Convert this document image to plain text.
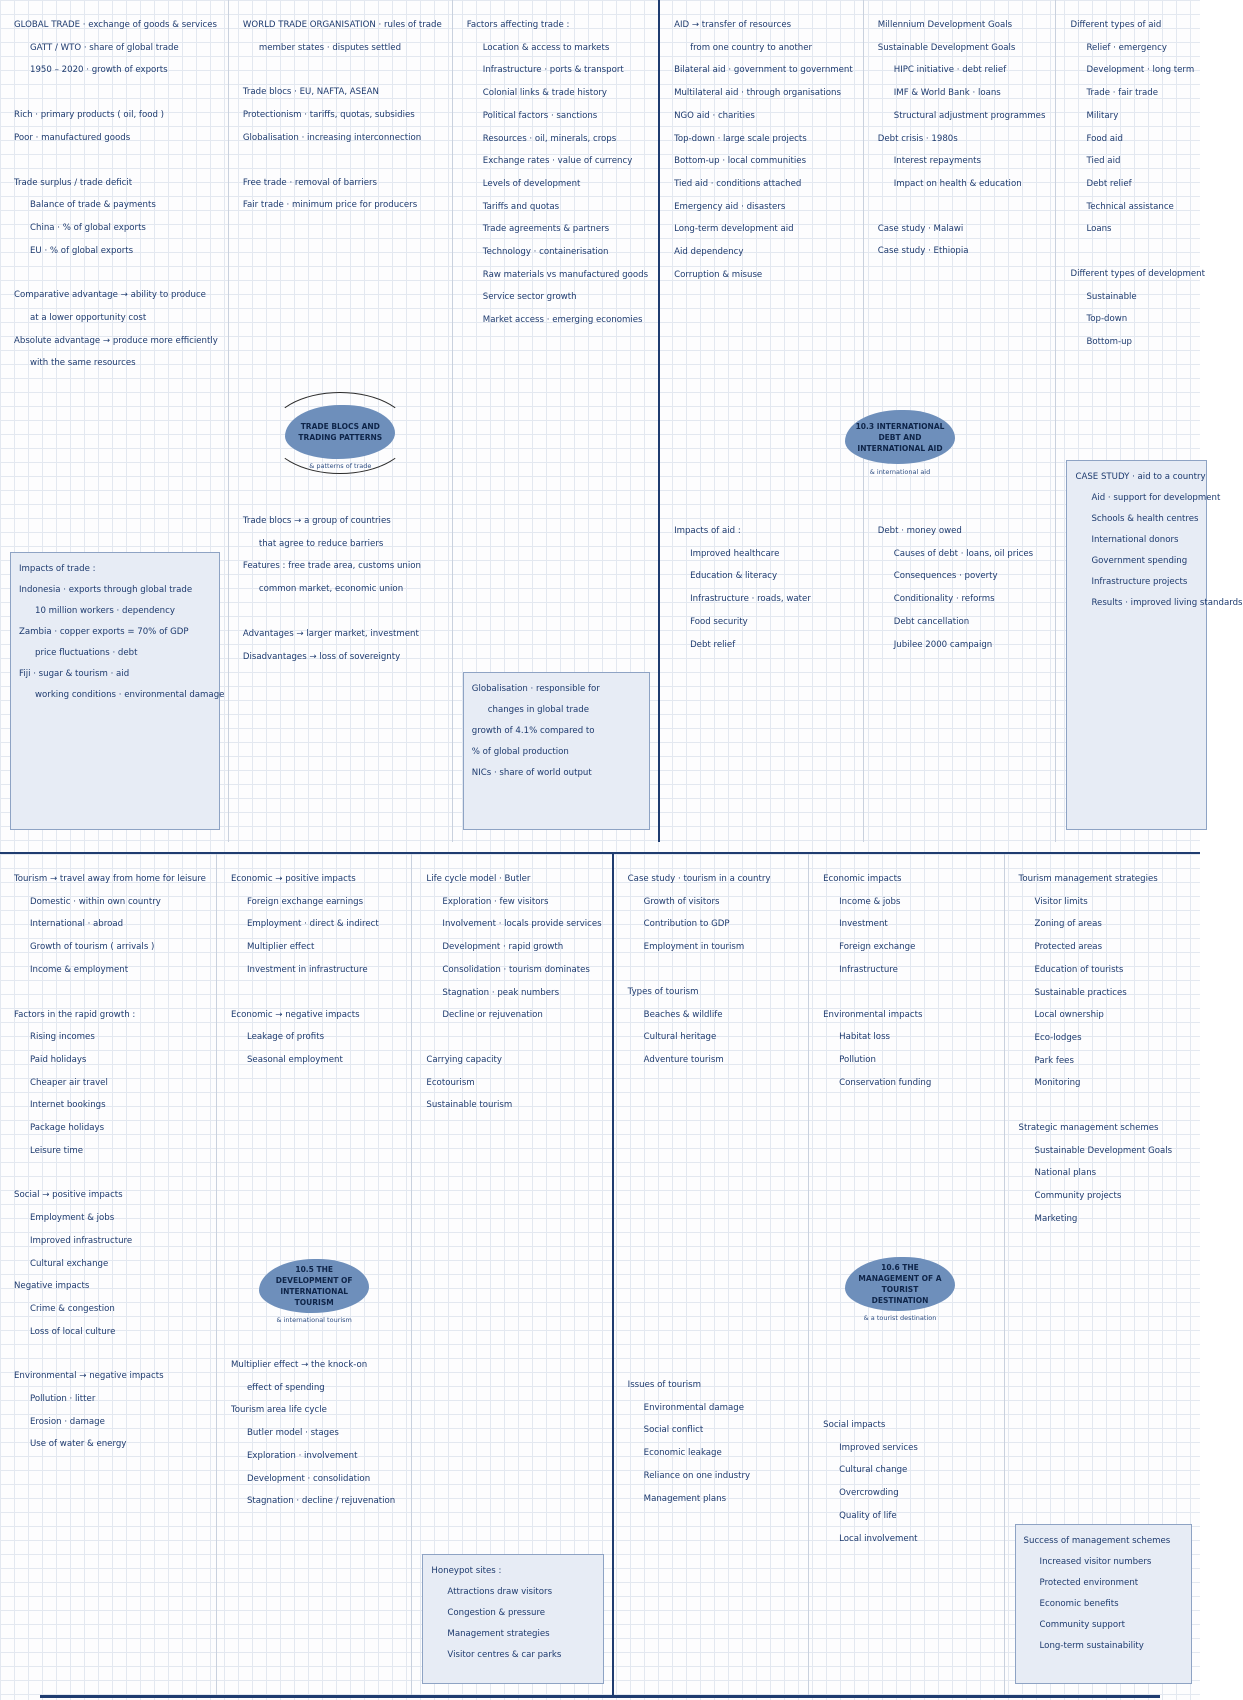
GLOBAL TRADE · exchange of goods & services

GATT / WTO · share of global trade

1950 – 2020 · growth of exports

Rich · primary products ( oil, food )

Poor · manufactured goods

Trade surplus / trade deficit

Balance of trade & payments

China · % of global exports

EU · % of global exports

Comparative advantage → ability to produce

at a lower opportunity cost

Absolute advantage → produce more efficiently

with the same resources

Impacts of trade :

Indonesia · exports through global trade

10 million workers · dependency

Zambia · copper exports = 70% of GDP

price fluctuations · debt

Fiji · sugar & tourism · aid

working conditions · environmental damage

WORLD TRADE ORGANISATION · rules of trade

member states · disputes settled

Trade blocs · EU, NAFTA, ASEAN

Protectionism · tariffs, quotas, subsidies

Globalisation · increasing interconnection

Free trade · removal of barriers

Fair trade · minimum price for producers

TRADE BLOCS AND TRADING PATTERNS
& patterns of trade

Trade blocs → a group of countries

that agree to reduce barriers

Features : free trade area, customs union

common market, economic union

Advantages → larger market, investment

Disadvantages → loss of sovereignty

Factors affecting trade :

Location & access to markets

Infrastructure · ports & transport

Colonial links & trade history

Political factors · sanctions

Resources · oil, minerals, crops

Exchange rates · value of currency

Levels of development

Tariffs and quotas

Trade agreements & partners

Technology · containerisation

Raw materials vs manufactured goods

Service sector growth

Market access · emerging economies

Globalisation · responsible for

changes in global trade

growth of 4.1% compared to

% of global production

NICs · share of world output

AID → transfer of resources

from one country to another

Bilateral aid · government to government

Multilateral aid · through organisations

NGO aid · charities

Top-down · large scale projects

Bottom-up · local communities

Tied aid · conditions attached

Emergency aid · disasters

Long-term development aid

Aid dependency

Corruption & misuse

Impacts of aid :

Improved healthcare

Education & literacy

Infrastructure · roads, water

Food security

Debt relief

Millennium Development Goals

Sustainable Development Goals

HIPC initiative · debt relief

IMF & World Bank · loans

Structural adjustment programmes

Debt crisis · 1980s

Interest repayments

Impact on health & education

Case study · Malawi

Case study · Ethiopia

Debt · money owed

Causes of debt · loans, oil prices

Consequences · poverty

Conditionality · reforms

Debt cancellation

Jubilee 2000 campaign

Different types of aid

Relief · emergency

Development · long term

Trade · fair trade

Military

Food aid

Tied aid

Debt relief

Technical assistance

Loans

Different types of development

Sustainable

Top-down

Bottom-up

CASE STUDY · aid to a country

Aid · support for development

Schools & health centres

International donors

Government spending

Infrastructure projects

Results · improved living standards

10.3 INTERNATIONAL DEBT AND INTERNATIONAL AID
& international aid

Tourism → travel away from home for leisure

Domestic · within own country

International · abroad

Growth of tourism ( arrivals )

Income & employment

Factors in the rapid growth :

Rising incomes

Paid holidays

Cheaper air travel

Internet bookings

Package holidays

Leisure time

Social → positive impacts

Employment & jobs

Improved infrastructure

Cultural exchange

Negative impacts

Crime & congestion

Loss of local culture

Environmental → negative impacts

Pollution · litter

Erosion · damage

Use of water & energy

Economic → positive impacts

Foreign exchange earnings

Employment · direct & indirect

Multiplier effect

Investment in infrastructure

Economic → negative impacts

Leakage of profits

Seasonal employment

10.5 THE DEVELOPMENT OF INTERNATIONAL TOURISM
& international tourism

Multiplier effect → the knock-on

effect of spending

Tourism area life cycle

Butler model · stages

Exploration · involvement

Development · consolidation

Stagnation · decline / rejuvenation

Life cycle model · Butler

Exploration · few visitors

Involvement · locals provide services

Development · rapid growth

Consolidation · tourism dominates

Stagnation · peak numbers

Decline or rejuvenation

Carrying capacity

Ecotourism

Sustainable tourism

Honeypot sites :

Attractions draw visitors

Congestion & pressure

Management strategies

Visitor centres & car parks

Case study · tourism in a country

Growth of visitors

Contribution to GDP

Employment in tourism

Types of tourism

Beaches & wildlife

Cultural heritage

Adventure tourism

Issues of tourism

Environmental damage

Social conflict

Economic leakage

Reliance on one industry

Management plans

Economic impacts

Income & jobs

Investment

Foreign exchange

Infrastructure

Environmental impacts

Habitat loss

Pollution

Conservation funding

Social impacts

Improved services

Cultural change

Overcrowding

Quality of life

Local involvement

Tourism management strategies

Visitor limits

Zoning of areas

Protected areas

Education of tourists

Sustainable practices

Local ownership

Eco-lodges

Park fees

Monitoring

Strategic management schemes

Sustainable Development Goals

National plans

Community projects

Marketing

Success of management schemes

Increased visitor numbers

Protected environment

Economic benefits

Community support

Long-term sustainability

10.6 THE MANAGEMENT OF A TOURIST DESTINATION
& a tourist destination
